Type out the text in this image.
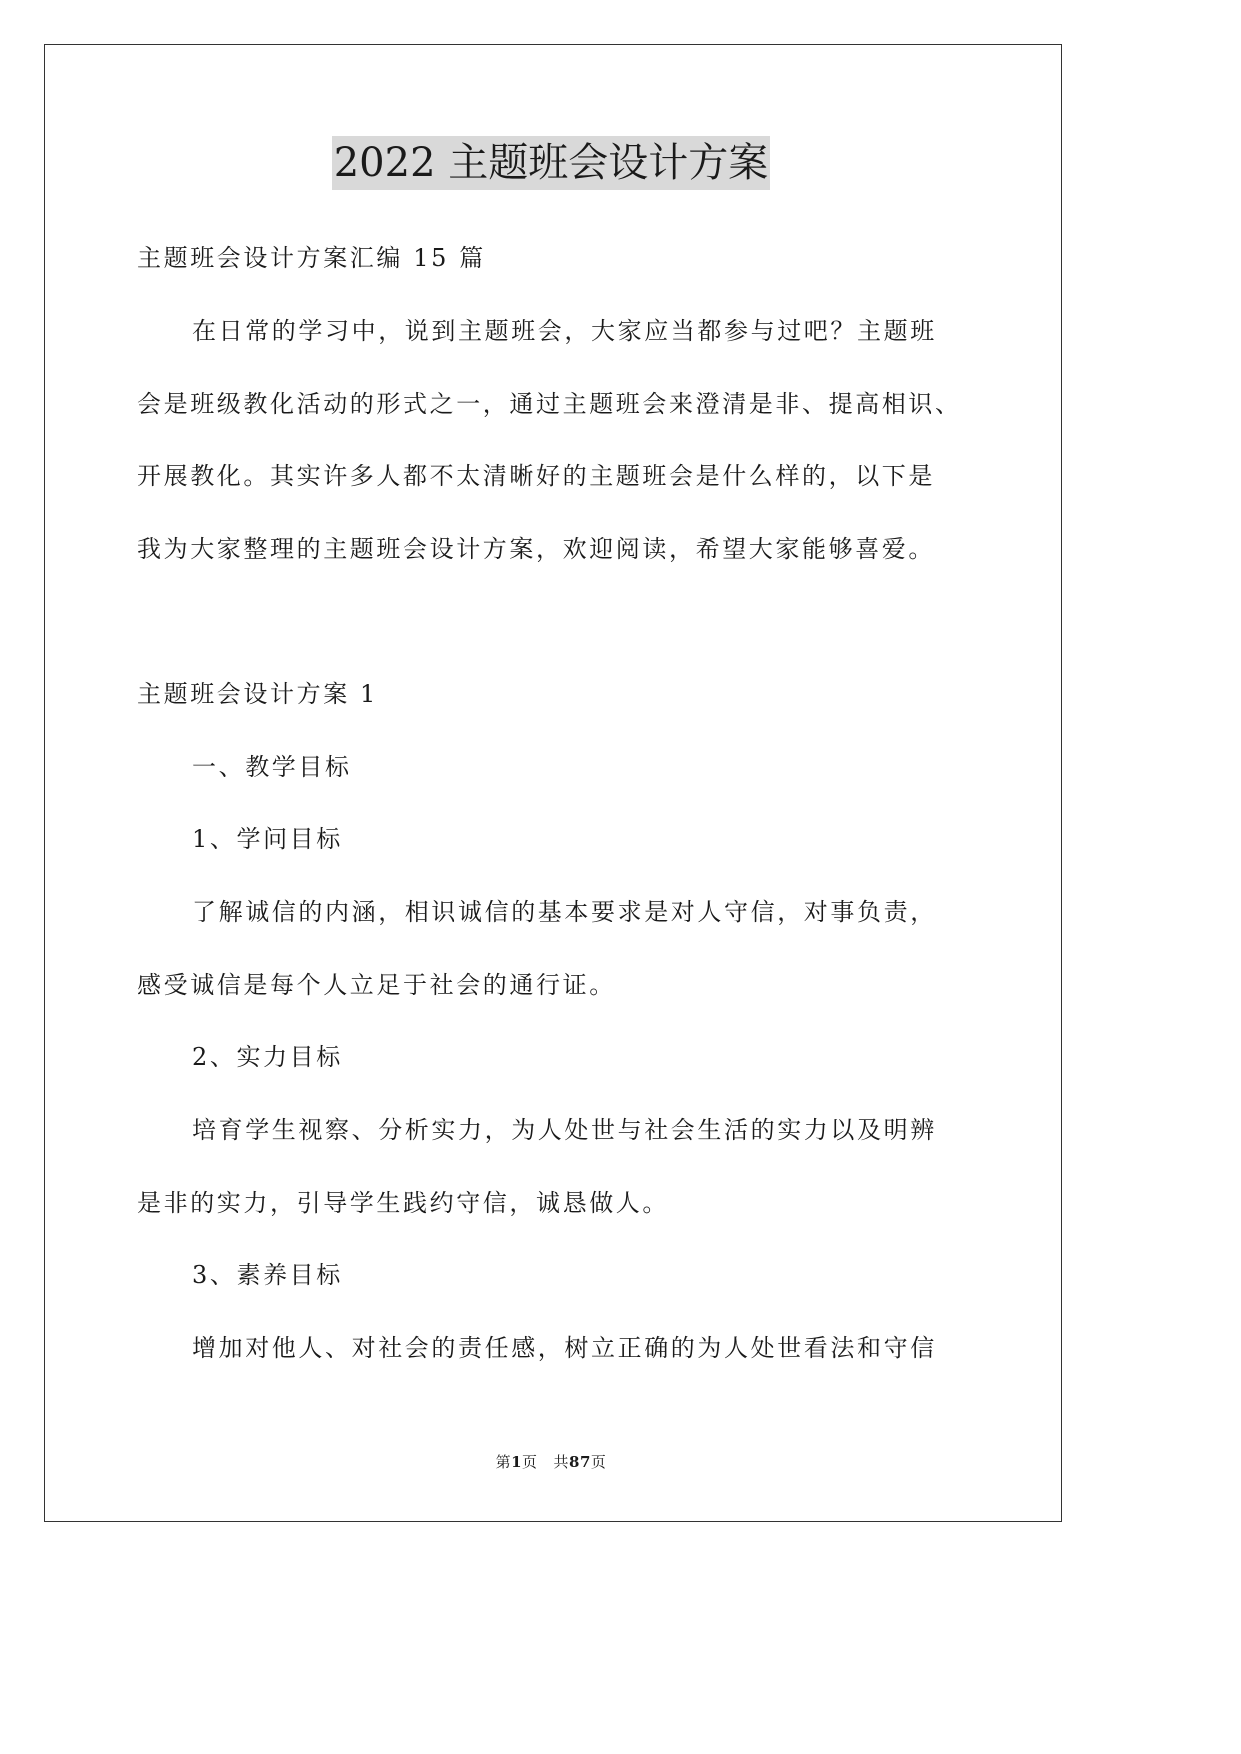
2022 主题班会设计方案
主题班会设计方案汇编 15 篇
在日常的学习中，说到主题班会，大家应当都参与过吧？主题班
会是班级教化活动的形式之一，通过主题班会来澄清是非、提高相识、
开展教化。其实许多人都不太清晰好的主题班会是什么样的，以下是
我为大家整理的主题班会设计方案，欢迎阅读，希望大家能够喜爱。
主题班会设计方案 1
一、教学目标
1、学问目标
了解诚信的内涵，相识诚信的基本要求是对人守信，对事负责，
感受诚信是每个人立足于社会的通行证。
2、实力目标
培育学生视察、分析实力，为人处世与社会生活的实力以及明辨
是非的实力，引导学生践约守信，诚恳做人。
3、素养目标
增加对他人、对社会的责任感，树立正确的为人处世看法和守信
第1页 共87页
